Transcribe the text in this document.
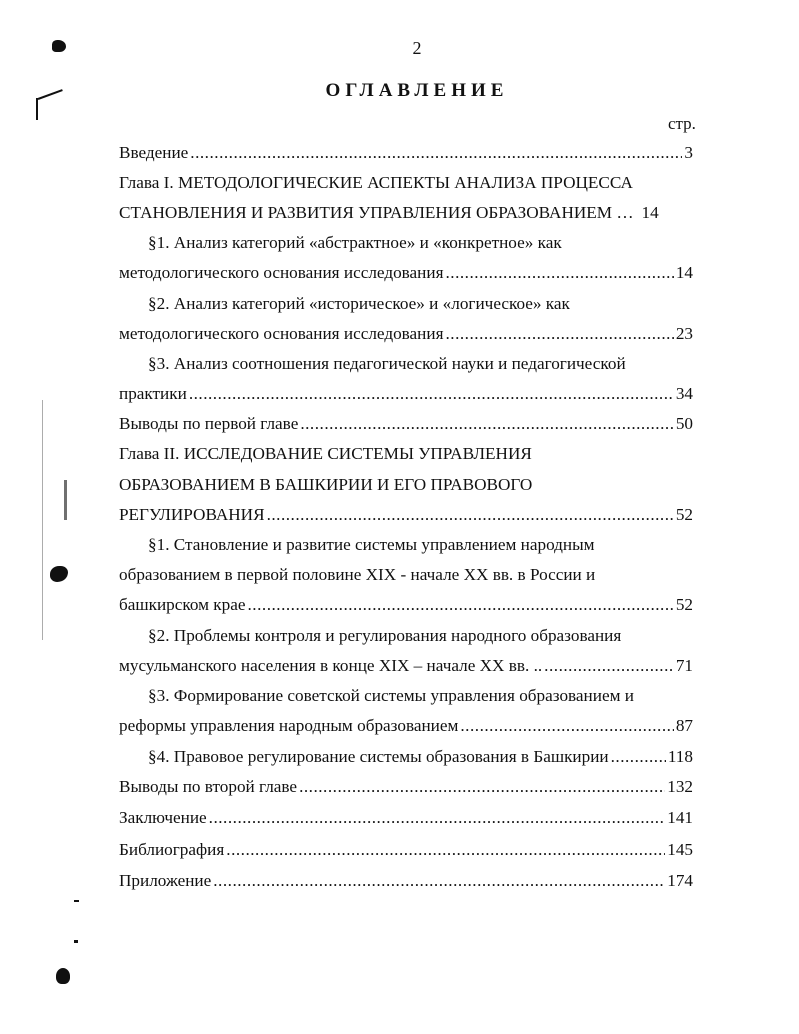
2
ОГЛАВЛЕНИЕ
стр.
Введение .....	3
Глава I. МЕТОДОЛОГИЧЕСКИЕ АСПЕКТЫ АНАЛИЗА ПРОЦЕССА
СТАНОВЛЕНИЯ И РАЗВИТИЯ УПРАВЛЕНИЯ ОБРАЗОВАНИЕМ … 14
§1. Анализ категорий «абстрактное» и «конкретное» как
методологического основания исследования .....	14
§2. Анализ категорий «историческое» и «логическое» как
методологического основания исследования .....	23
§3. Анализ соотношения педагогической науки и педагогической
практики .....	34
Выводы по первой главе .....	50
Глава II. ИССЛЕДОВАНИЕ СИСТЕМЫ УПРАВЛЕНИЯ
ОБРАЗОВАНИЕМ В БАШКИРИИ И ЕГО ПРАВОВОГО
РЕГУЛИРОВАНИЯ .....	52
§1. Становление и развитие системы управлением народным
образованием в первой половине XIX - начале XX вв. в России и
башкирском крае .....	52
§2. Проблемы контроля и регулирования народного образования
мусульманского населения в конце XIX – начале XX вв. .. .....	71
§3. Формирование советской системы управления образованием и
реформы управления народным образованием .....	87
§4. Правовое регулирование системы образования в Башкирии .....	118
Выводы по второй главе .....	132
Заключение .....	141
Библиография .....	145
Приложение .....	174
